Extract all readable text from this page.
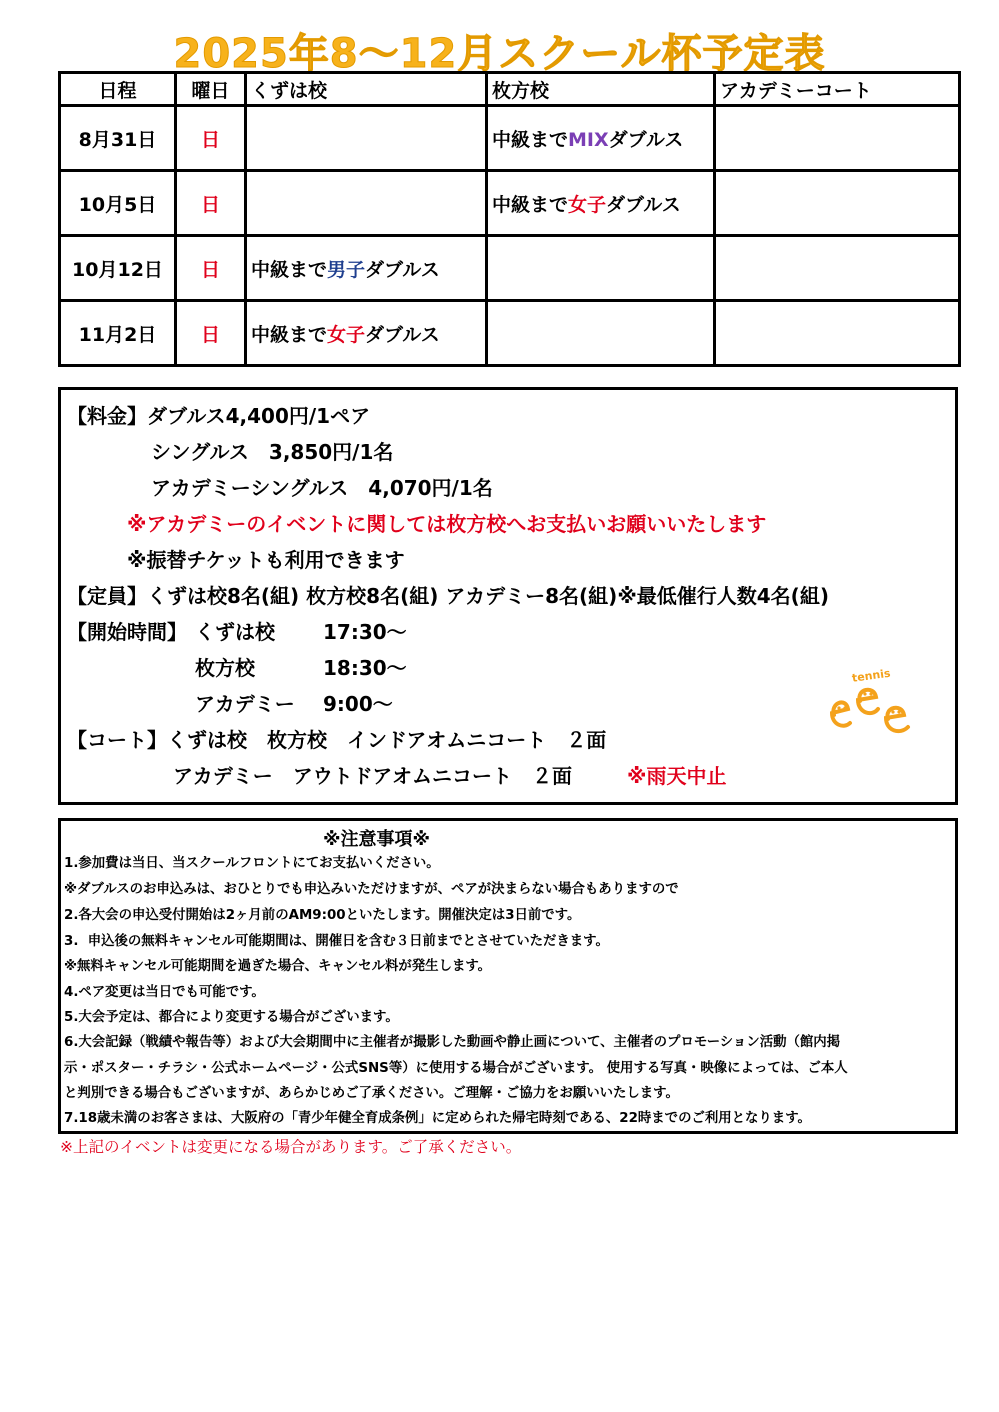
2025年8～12月スクール杯予定表
日程	曜日	くずは校	枚方校	アカデミーコート
8月31日	日		中級までMIXダブルス	
10月5日	日		中級まで女子ダブルス	
10月12日	日	中級まで男子ダブルス		
11月2日	日	中級まで女子ダブルス		
【料金】ダブルス4,400円/1ペア
シングルス　3,850円/1名
アカデミーシングルス　4,070円/1名
※アカデミーのイベントに関しては枚方校へお支払いお願いいたします
※振替チケットも利用できます
【定員】くずは校8名(組) 枚方校8名(組) アカデミー8名(組)※最低催行人数4名(組)
【開始時間】 くずは校 17:30～
枚方校	18:30～
アカデミー 9:00～
【コート】くずは校　枚方校　インドアオムニコート　２面
アカデミー　アウトドアオムニコート　２面	※雨天中止
tennis
※注意事項※
1.参加費は当日、当スクールフロントにてお支払いください。
※ダブルスのお申込みは、おひとりでも申込みいただけますが、ペアが決まらない場合もありますので
2.各大会の申込受付開始は2ヶ月前のAM9:00といたします。開催決定は3日前です。
3.  申込後の無料キャンセル可能期間は、開催日を含む３日前までとさせていただきます。
※無料キャンセル可能期間を過ぎた場合、キャンセル料が発生します。
4.ペア変更は当日でも可能です。
5.大会予定は、都合により変更する場合がございます。
6.大会記録（戦績や報告等）および大会期間中に主催者が撮影した動画や静止画について、主催者のプロモーション活動（館内掲
示・ポスター・チラシ・公式ホームページ・公式SNS等）に使用する場合がございます。 使用する写真・映像によっては、ご本人
と判別できる場合もございますが、あらかじめご了承ください。ご理解・ご協力をお願いいたします。
7.18歳未満のお客さまは、大阪府の「青少年健全育成条例」に定められた帰宅時刻である、22時までのご利用となります。
※上記のイベントは変更になる場合があります。ご了承ください。
